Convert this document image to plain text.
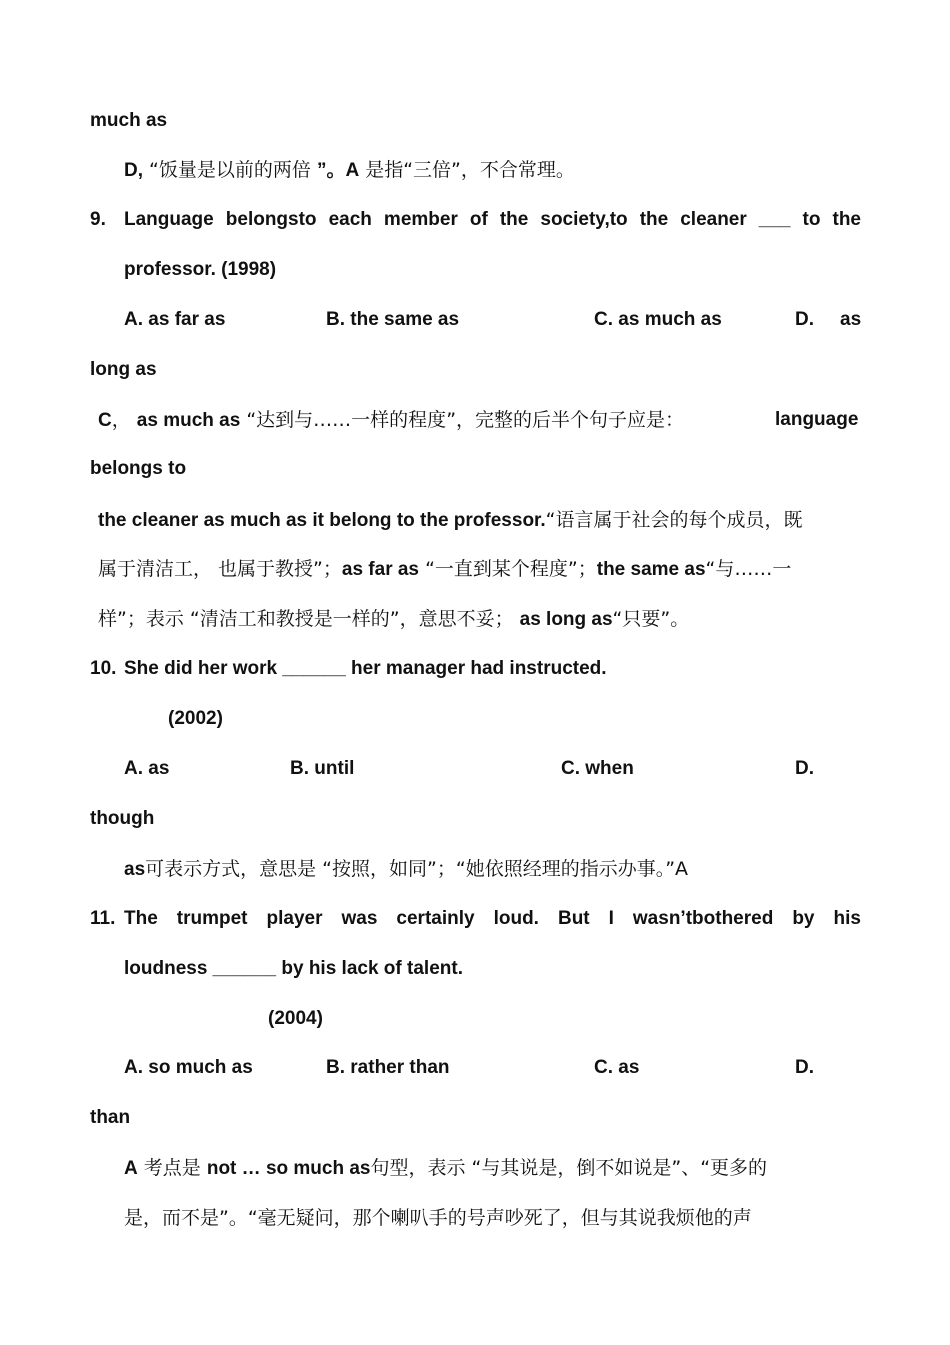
much as
D, “饭量是以前的两倍 ”。A 是指“三倍”，不合常理。
9. Language belongsto each member of the society,to the cleaner ___ to the
professor. (1998)
A. as far as	B. the same as	C. as much as	D. as
long as
C， as much as “达到与……一样的程度”，完整的后半个句子应是：	language
belongs to
the cleaner as much as it belong to the professor.“语言属于社会的每个成员，既
属于清洁工， 也属于教授”；as far as “一直到某个程度”；the same as“与……一
样”；表示 “清洁工和教授是一样的”，意思不妥； as long as“只要”。
10. She did her work ______ her manager had instructed.
(2002)
A. as	B. until	C. when	D.
though
as可表示方式，意思是 “按照，如同”；“她依照经理的指示办事。”A
11. The trumpet player was certainly loud. But I wasn’tbothered by his
loudness ______ by his lack of talent.
(2004)
A. so much as	B. rather than	C. as	D.
than
A 考点是 not … so much as句型，表示 “与其说是，倒不如说是”、“更多的
是，而不是”。“毫无疑问，那个喇叭手的号声吵死了，但与其说我烦他的声
